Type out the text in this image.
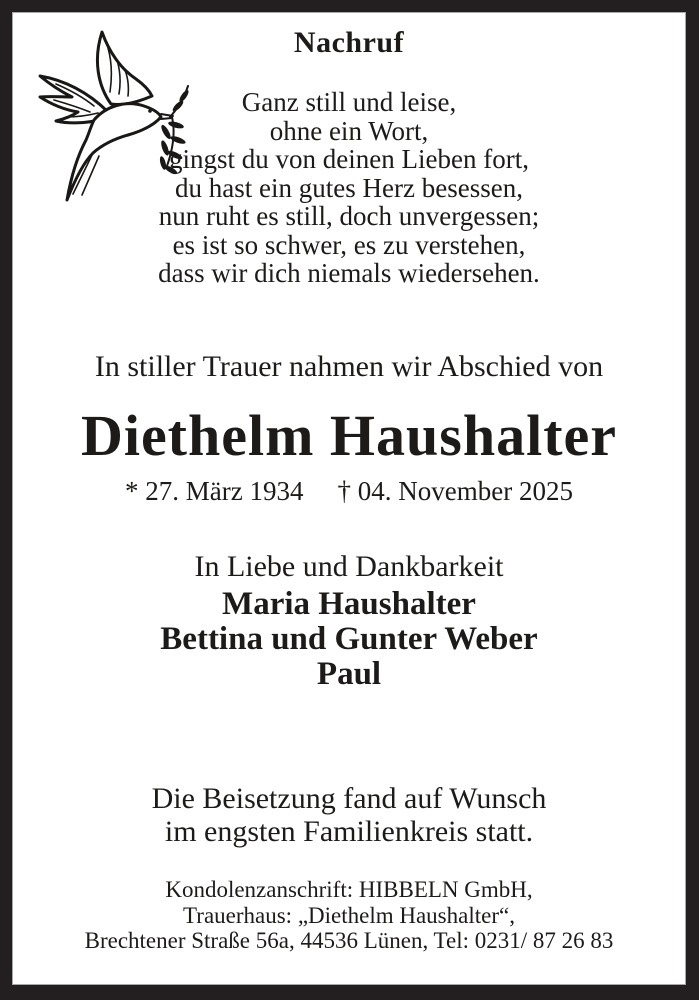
Nachruf
Ganz still und leise,
ohne ein Wort,
gingst du von deinen Lieben fort,
du hast ein gutes Herz besessen,
nun ruht es still, doch unvergessen;
es ist so schwer, es zu verstehen,
dass wir dich niemals wiedersehen.
In stiller Trauer nahmen wir Abschied von
Diethelm Haushalter
* 27. März 1934 † 04. November 2025
In Liebe und Dankbarkeit
Maria Haushalter
Bettina und Gunter Weber
Paul
Die Beisetzung fand auf Wunsch
im engsten Familienkreis statt.
Kondolenzanschrift: HIBBELN GmbH,
Trauerhaus: „Diethelm Haushalter“,
Brechtener Straße 56a, 44536 Lünen, Tel: 0231/ 87 26 83
